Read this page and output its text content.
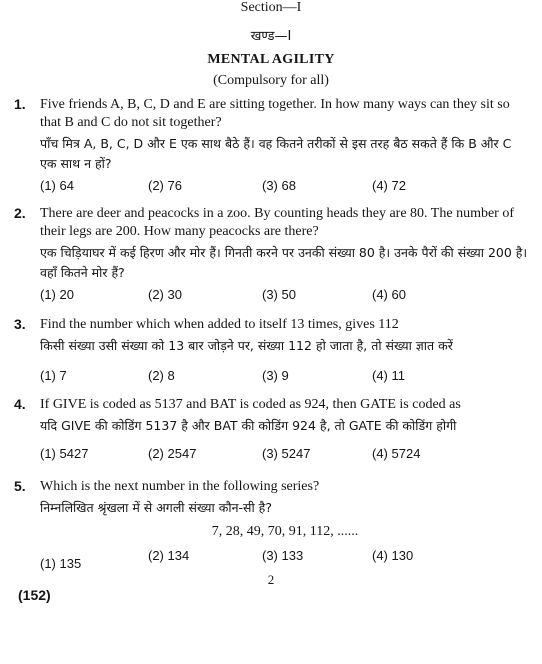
Section—I
खण्ड—I
MENTAL AGILITY
(Compulsory for all)
1. Five friends A, B, C, D and E are sitting together. In how many ways can they sit so that B and C do not sit together?

पाँच मित्र A, B, C, D और E एक साथ बैठे हैं। वह कितने तरीकों से इस तरह बैठ सकते हैं कि B और C एक साथ न हों?

(1) 64	(2) 76	(3) 68	(4) 72
2. There are deer and peacocks in a zoo. By counting heads they are 80. The number of their legs are 200. How many peacocks are there?

एक चिड़ियाघर में कई हिरण और मोर हैं। गिनती करने पर उनकी संख्या 80 है। उनके पैरों की संख्या 200 है। वहाँ कितने मोर हैं?

(1) 20	(2) 30	(3) 50	(4) 60
3. Find the number which when added to itself 13 times, gives 112

किसी संख्या उसी संख्या को 13 बार जोड़ने पर, संख्या 112 हो जाता है, तो संख्या ज्ञात करें

(1) 7	(2) 8	(3) 9	(4) 11
4. If GIVE is coded as 5137 and BAT is coded as 924, then GATE is coded as

यदि GIVE की कोडिंग 5137 है और BAT की कोडिंग 924 है, तो GATE की कोडिंग होगी

(1) 5427	(2) 2547	(3) 5247	(4) 5724
5. Which is the next number in the following series?

निम्नलिखित श्रृंखला में से अगली संख्या कौन-सी है?

7, 28, 49, 70, 91, 112, ......

(1) 135
(2) 134	(3) 133	(4) 130
2
(152)
